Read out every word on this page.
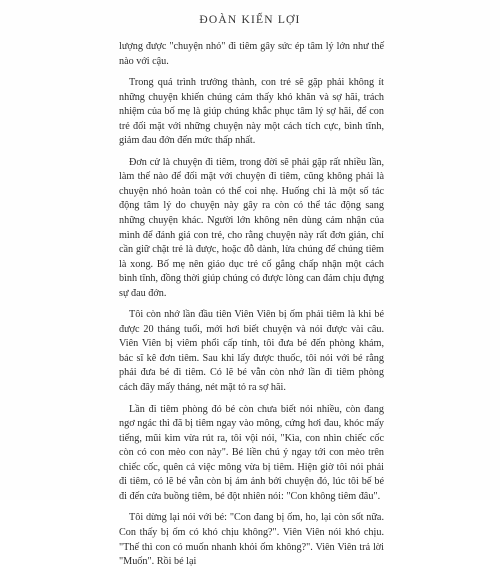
ĐOÀN KIẾN LỢI

lượng được "chuyện nhỏ" đi tiêm gây sức ép tâm lý lớn như thế nào với cậu.

Trong quá trình trưởng thành, con trẻ sẽ gặp phải không ít những chuyện khiến chúng cảm thấy khó khăn và sợ hãi, trách nhiệm của bố mẹ là giúp chúng khắc phục tâm lý sợ hãi, để con trẻ đối mặt với những chuyện này một cách tích cực, bình tĩnh, giảm đau đớn đến mức thấp nhất.

Đơn cử là chuyện đi tiêm, trong đời sẽ phải gặp rất nhiều lần, làm thế nào để đối mặt với chuyện đi tiêm, cũng không phải là chuyện nhỏ hoàn toàn có thể coi nhẹ. Huống chi là một số tác động tâm lý do chuyện này gây ra còn có thể tác động sang những chuyện khác. Người lớn không nên dùng cảm nhận của mình để đánh giá con trẻ, cho rằng chuyện này rất đơn giản, chỉ cần giữ chặt trẻ là được, hoặc đỗ dành, lừa chúng để chúng tiêm là xong. Bố mẹ nên giáo dục trẻ cố gắng chấp nhận một cách bình tĩnh, đồng thời giúp chúng có được lòng can đảm chịu đựng sự đau đớn.

Tôi còn nhớ lần đầu tiên Viên Viên bị ốm phải tiêm là khi bé được 20 tháng tuổi, mới hơi biết chuyện và nói được vài câu. Viên Viên bị viêm phổi cấp tính, tôi đưa bé đến phòng khám, bác sĩ kê đơn tiêm. Sau khi lấy được thuốc, tôi nói với bé rằng phải đưa bé đi tiêm. Có lẽ bé vẫn còn nhớ lần đi tiêm phòng cách đây mấy tháng, nét mặt tỏ ra sợ hãi.

Lần đi tiêm phòng đó bé còn chưa biết nói nhiều, còn đang ngơ ngác thì đã bị tiêm ngay vào mông, cứng hơi đau, khóc mấy tiếng, mũi kim vừa rút ra, tôi vội nói, "Kìa, con nhìn chiếc cốc còn có con mèo con này". Bé liền chú ý ngay tới con mèo trên chiếc cốc, quên cả việc mông vừa bị tiêm. Hiện giờ tôi nói phải đi tiêm, có lẽ bé vẫn còn bị ám ảnh bởi chuyện đó, lúc tôi bế bé đi đến cửa buồng tiêm, bé đột nhiên nói: "Con không tiêm đâu".

Tôi dừng lại nói với bé: "Con đang bị ốm, ho, lại còn sốt nữa. Con thấy bị ốm có khó chịu không?". Viên Viên nói khó chịu. "Thế thì con có muốn nhanh khỏi ốm không?". Viên Viên trả lời "Muốn". Rồi bé lại
